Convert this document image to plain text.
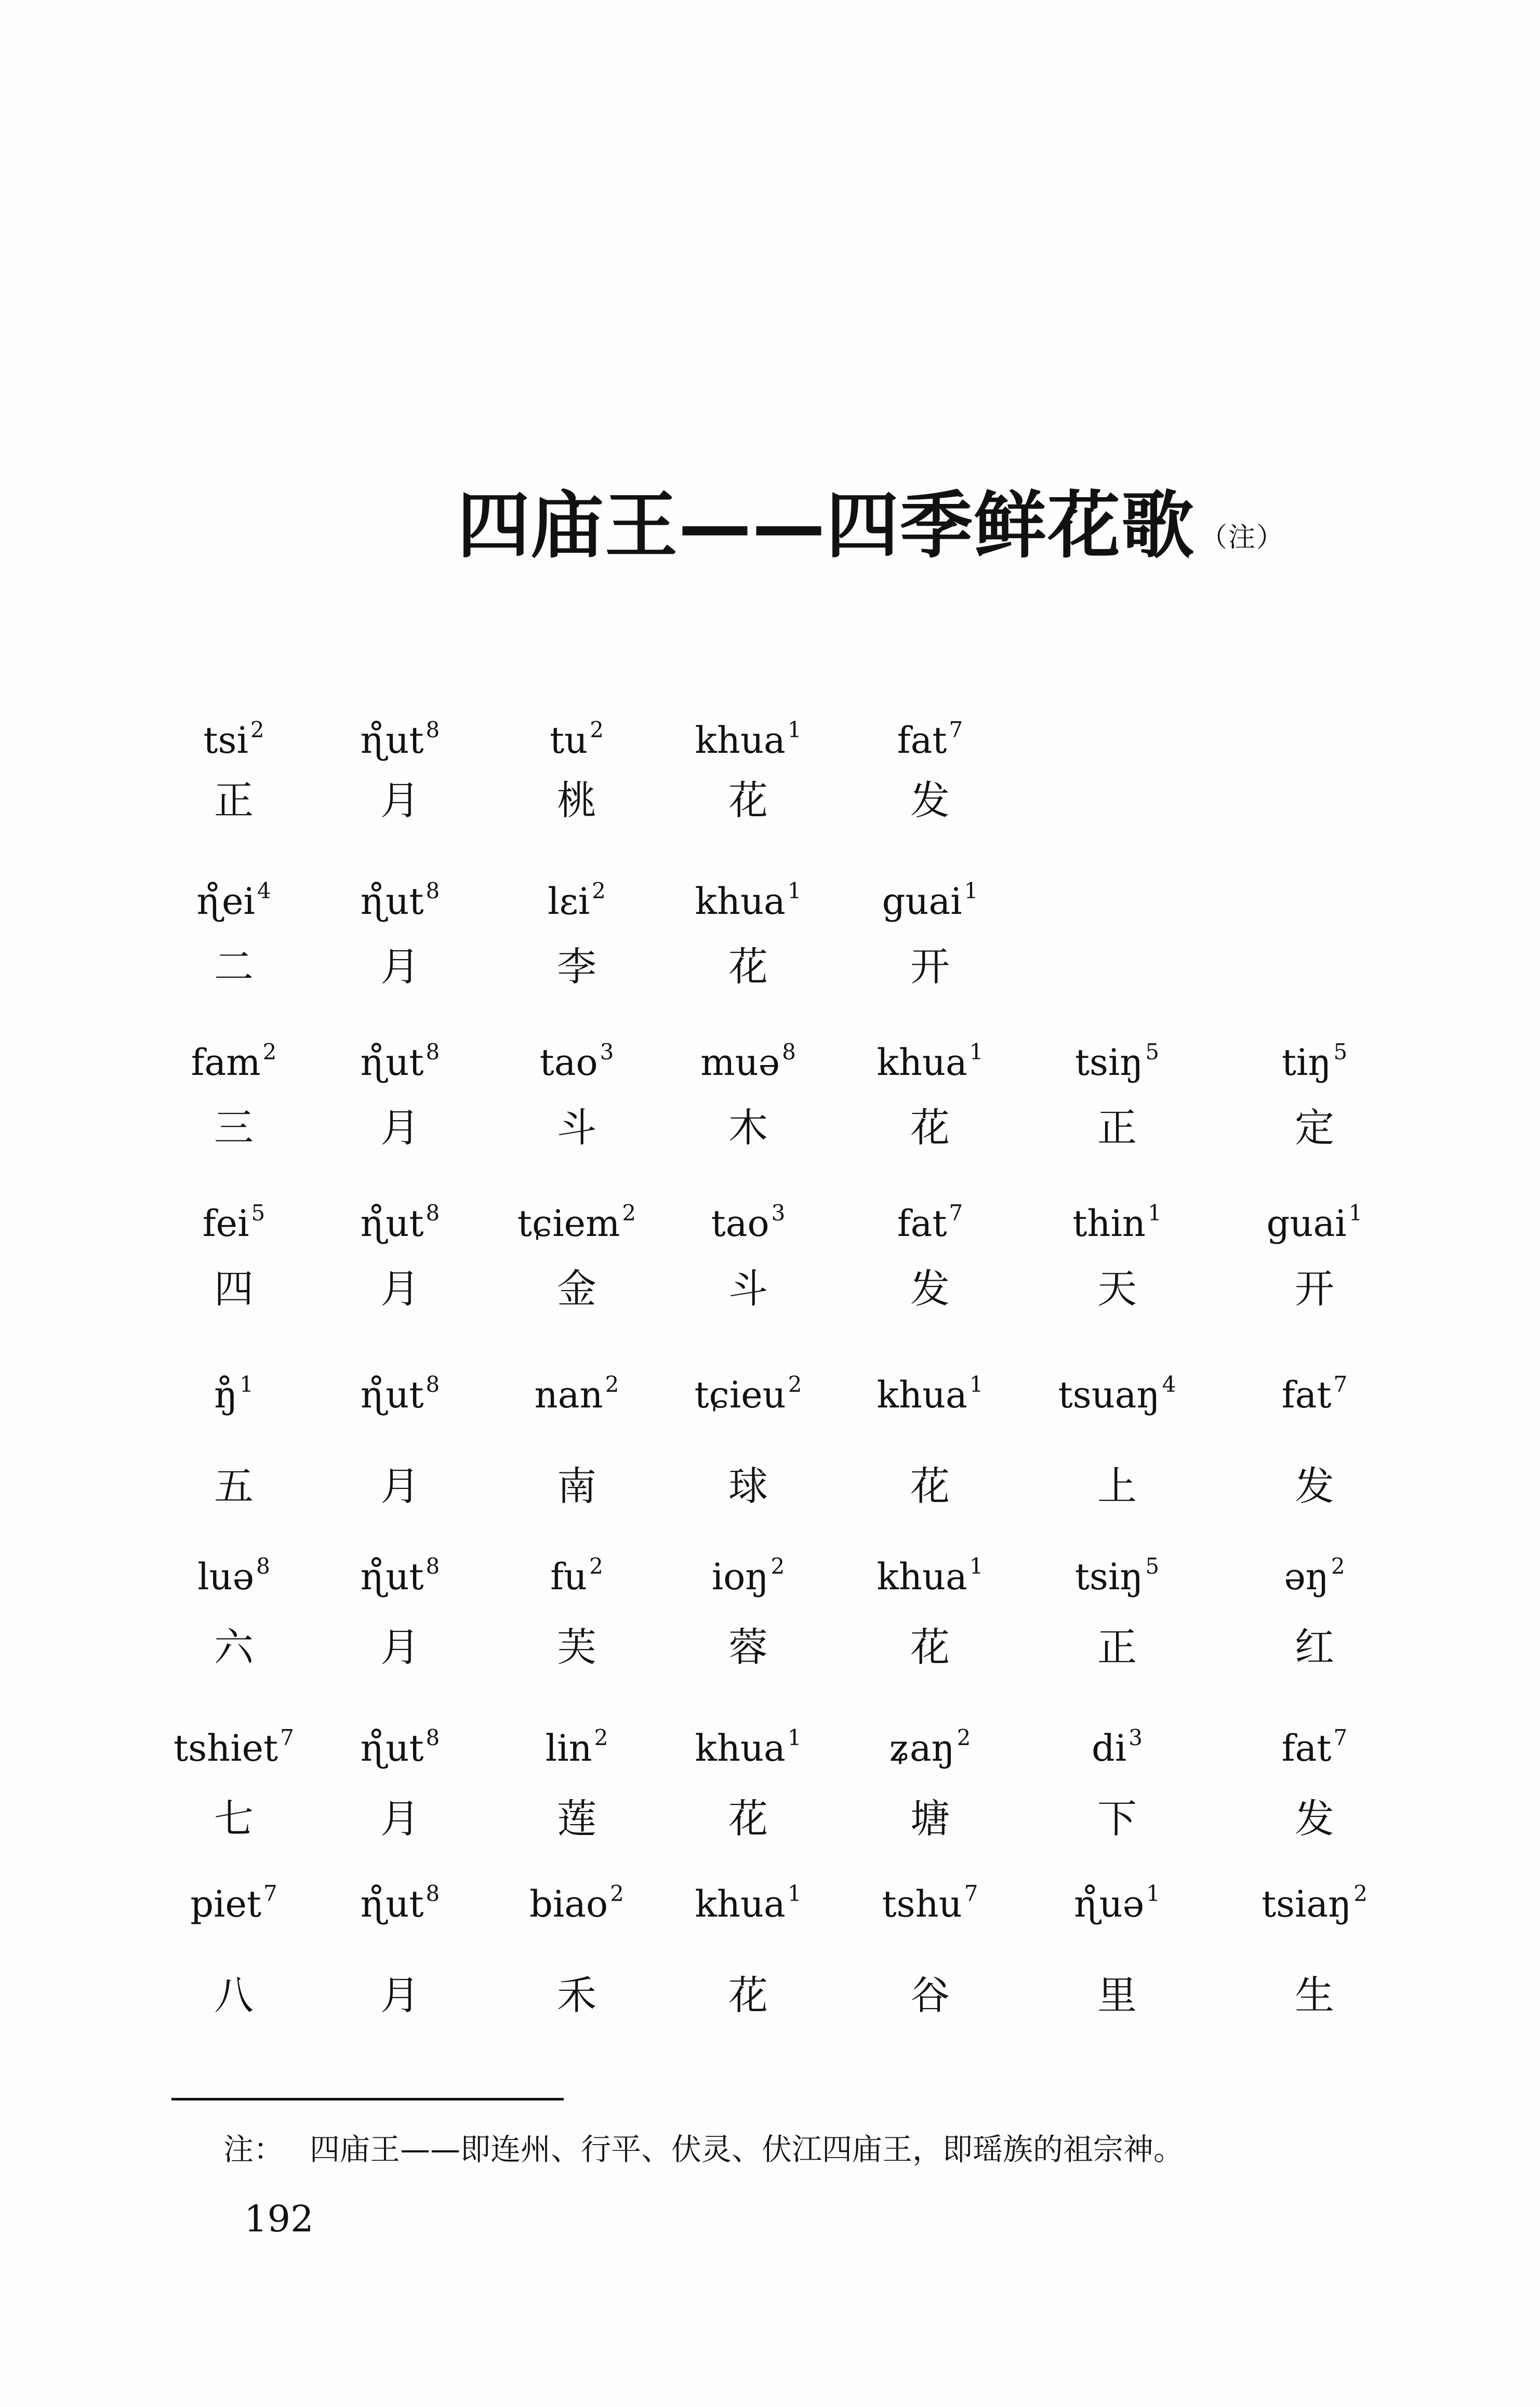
四庙王——四季鲜花歌 （注）
tsi$^2$
正
$ɳ̊ut^8$
月
$tu^2$
桃
khua$^1$
花
fat$^7$
发
$ɳ̊ei^4$
二
$ɳ̊ut^8$
月
lɛi$^2$
李
khua$^1$
花
guai$^1$
开
fam$^2$
三
$ɳ̊ut^8$
月
tao$^3$
斗
muə$^8$
木
khua$^1$
花
tsiŋ$^5$
正
tiŋ$^5$
定
fei$^5$
四
$ɳ̊ut^8$
月
tɕiem$^2$
金
tao$^3$
斗
fat$^7$
发
thin$^1$
天
guai$^1$
开
ŋ̊$^1$
五
$ɳ̊ut^8$
月
nan$^2$
南
tɕieu$^2$
球
khua$^1$
花
tsuaŋ$^4$
上
fat$^7$
发
luə$^8$
六
$ɳ̊ut^8$
月
$fu^2$
芙
ioŋ$^2$
蓉
khua$^1$
花
tsiŋ$^5$
正
əŋ$^2$
红
tshiet$^7$
七
$ɳ̊ut^8$
月
lin$^2$
莲
khua$^1$
花
ʑaŋ$^2$
塘
$di^3$
下
fat$^7$
发
piet$^7$
八
$ɳ̊ut^8$
月
biao$^2$
禾
khua$^1$
花
tshu$^7$
谷
ɳ̊uə$^1$
里
tsiaŋ$^2$
生
注： 四庙王——即连州、行平、伏灵、伏江四庙王，即瑶族的祖宗神。
192
